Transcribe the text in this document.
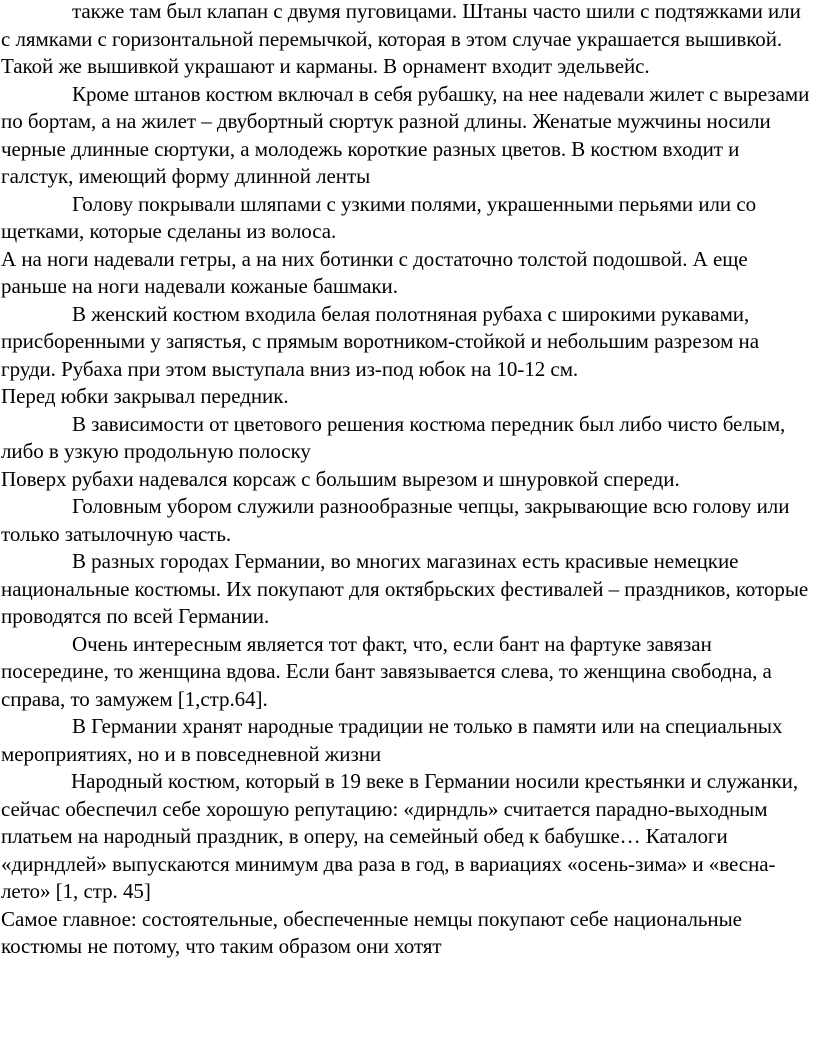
также там был клапан с двумя пуговицами. Штаны часто шили с подтяжками или с лямками с горизонтальной перемычкой, которая в этом случае украшается вышивкой. Такой же вышивкой украшают и карманы. В орнамент входит эдельвейс.

Кроме штанов костюм включал в себя рубашку, на нее надевали жилет с вырезами по бортам, а на жилет – двубортный сюртук разной длины. Женатые мужчины носили черные длинные сюртуки, а молодежь короткие разных цветов. В костюм входит и галстук, имеющий форму длинной ленты

Голову покрывали шляпами с узкими полями, украшенными перьями или со щетками, которые сделаны из волоса.

А на ноги надевали гетры, а на них ботинки с достаточно толстой подошвой. А еще раньше на ноги надевали кожаные башмаки.

В женский костюм входила белая полотняная рубаха с широкими рукавами, присборенными у запястья, с прямым воротником-стойкой и небольшим разрезом на груди. Рубаха при этом выступала вниз из-под юбок на 10-12 см.

Перед юбки закрывал передник.

В зависимости от цветового решения костюма передник был либо чисто белым, либо в узкую продольную полоску

Поверх рубахи надевался корсаж с большим вырезом и шнуровкой спереди.

Головным убором служили разнообразные чепцы, закрывающие всю голову или только затылочную часть.

В разных городах Германии, во многих магазинах есть красивые немецкие национальные костюмы. Их покупают для октябрьских фестивалей – праздников, которые проводятся по всей Германии.

Очень интересным является тот факт, что, если бант на фартуке завязан посередине, то женщина вдова. Если бант завязывается слева, то женщина свободна, а справа, то замужем [1,стр.64].

В Германии хранят народные традиции не только в памяти или на специальных мероприятиях, но и в повседневной жизни

Народный костюм, который в 19 веке в Германии носили крестьянки и служанки, сейчас обеспечил себе хорошую репутацию: «дирндль» считается парадно-выходным платьем на народный праздник, в оперу, на семейный обед к бабушке… Каталоги «дирндлей» выпускаются минимум два раза в год, в вариациях «осень-зима» и «весна-лето» [1, стр. 45]

Самое главное: состоятельные, обеспеченные немцы покупают себе национальные костюмы не потому, что таким образом они хотят
